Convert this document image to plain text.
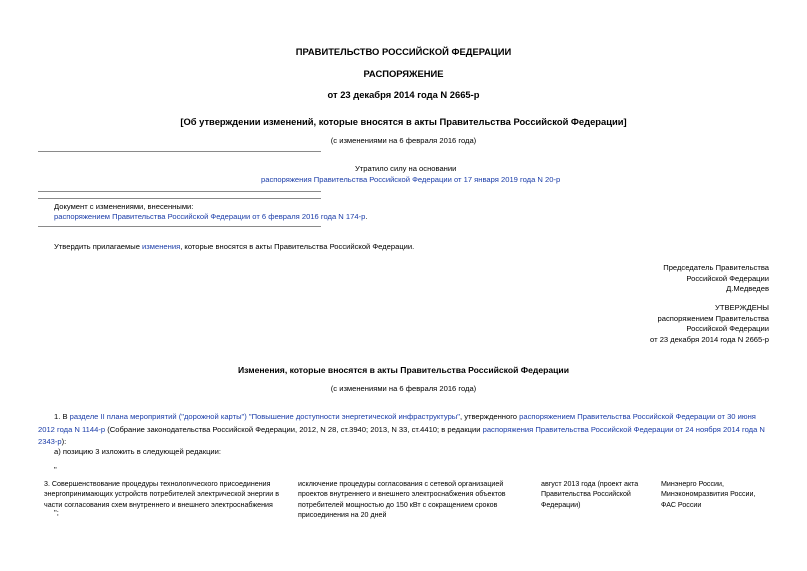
ПРАВИТЕЛЬСТВО РОССИЙСКОЙ ФЕДЕРАЦИИ
РАСПОРЯЖЕНИЕ
от 23 декабря 2014 года N 2665-р
[Об утверждении изменений, которые вносятся в акты Правительства Российской Федерации]
(с изменениями на 6 февраля 2016 года)
Утратило силу на основании
распоряжения Правительства Российской Федерации от 17 января 2019 года N 20-р
Документ с изменениями, внесенными:
распоряжением Правительства Российской Федерации от 6 февраля 2016 года N 174-р.
Утвердить прилагаемые изменения, которые вносятся в акты Правительства Российской Федерации.
Председатель Правительства
Российской Федерации
Д.Медведев
УТВЕРЖДЕНЫ
распоряжением Правительства
Российской Федерации
от 23 декабря 2014 года N 2665-р
Изменения, которые вносятся в акты Правительства Российской Федерации
(с изменениями на 6 февраля 2016 года)

1. В разделе II плана мероприятий ("дорожной карты") "Повышение доступности энергетической инфраструктуры", утвержденного распоряжением Правительства Российской Федерации от 30 июня 2012 года N 1144-р (Собрание законодательства Российской Федерации, 2012, N 28, ст.3940; 2013, N 33, ст.4410; в редакции распоряжения Правительства Российской Федерации от 24 ноября 2014 года N 2343-р):

а) позицию 3 изложить в следующей редакции:
"
3. Совершенствование процедуры технологического присоединения энергопринимающих устройств потребителей электрической энергии в части согласования схем внутреннего и внешнего электроснабжения
исключение процедуры согласования с сетевой организацией проектов внутреннего и внешнего электроснабжения объектов потребителей мощностью до 150 кВт с сокращением сроков присоединения на 20 дней
август 2013 года (проект акта Правительства Российской Федерации)
Минэнерго России, Минэкономразвития России, ФАС России
";
